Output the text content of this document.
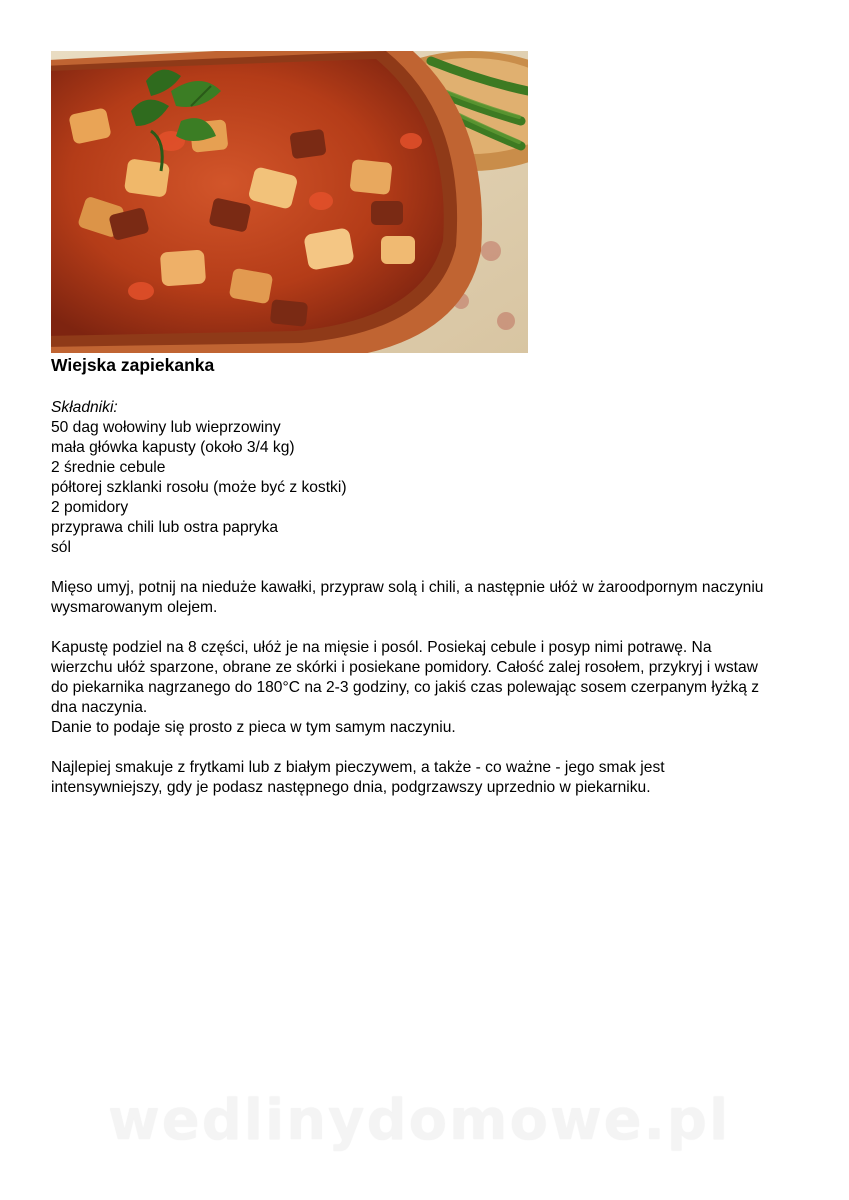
Wiejska zapiekanka

Składniki:

50 dag wołowiny lub wieprzowiny
mała główka kapusty (około 3/4 kg)
2 średnie cebule
półtorej szklanki rosołu (może być z kostki)
2 pomidory
przyprawa chili lub ostra papryka
sól

Mięso umyj, potnij na nieduże kawałki, przypraw solą i chili, a następnie ułóż w żaroodpornym naczyniu wysmarowanym olejem.

Kapustę podziel na 8 części, ułóż je na mięsie i posól. Posiekaj cebule i posyp nimi potrawę. Na wierzchu ułóż sparzone, obrane ze skórki i posiekane pomidory. Całość zalej rosołem, przykryj i wstaw do piekarnika nagrzanego do 180°C na 2-3 godziny, co jakiś czas polewając sosem czerpanym łyżką z dna naczynia.

Danie to podaje się prosto z pieca w tym samym naczyniu.

Najlepiej smakuje z frytkami lub z białym pieczywem, a także - co ważne - jego smak jest intensywniejszy, gdy je podasz następnego dnia, podgrzawszy uprzednio w piekarniku.

wedlinydomowe.pl
